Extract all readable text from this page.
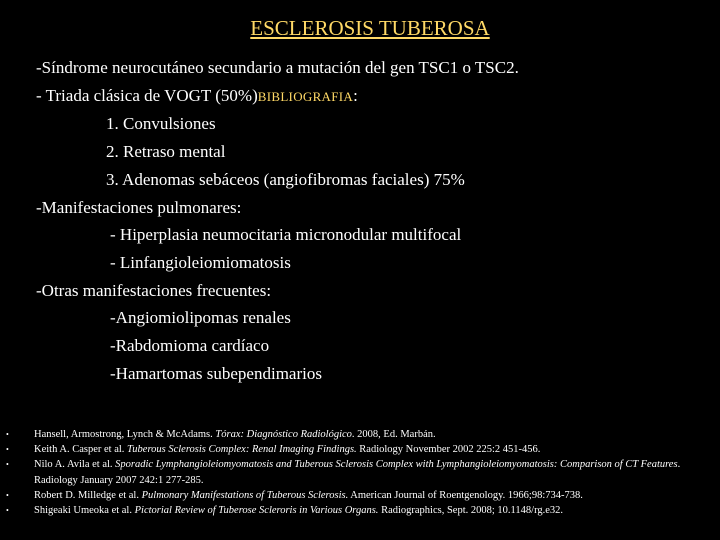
ESCLEROSIS TUBEROSA
-Síndrome neurocutáneo secundario a mutación del gen TSC1 o TSC2.
- Triada clásica de VOGT (50%)BIBLIOGRAFIA:
1. Convulsiones
2. Retraso mental
3. Adenomas sebáceos (angiofibromas faciales) 75%
-Manifestaciones pulmonares:
- Hiperplasia neumocitaria micronodular multifocal
- Linfangioleiomiomatosis
-Otras manifestaciones frecuentes:
-Angiomiolipomas renales
-Rabdomioma cardíaco
-Hamartomas subependimarios
•	Hansell, Armostrong, Lynch & McAdams. Tórax: Diagnóstico Radiológico. 2008, Ed. Marbán.
•	Keith A. Casper et al. Tuberous Sclerosis Complex: Renal Imaging Findings. Radiology November 2002 225:2 451-456.
•	Nilo A. Avila et al. Sporadic Lymphangioleiomyomatosis and Tuberous Sclerosis Complex with Lymphangioleiomyomatosis: Comparison of CT Features. Radiology January 2007 242:1 277-285.
•	Robert D. Milledge et al. Pulmonary Manifestations of Tuberous Sclerosis. American Journal of Roentgenology. 1966;98:734-738.
•	Shigeaki Umeoka et al. Pictorial Review of Tuberose Scleroris in Various Organs. Radiographics, Sept. 2008; 10.1148/rg.e32.
